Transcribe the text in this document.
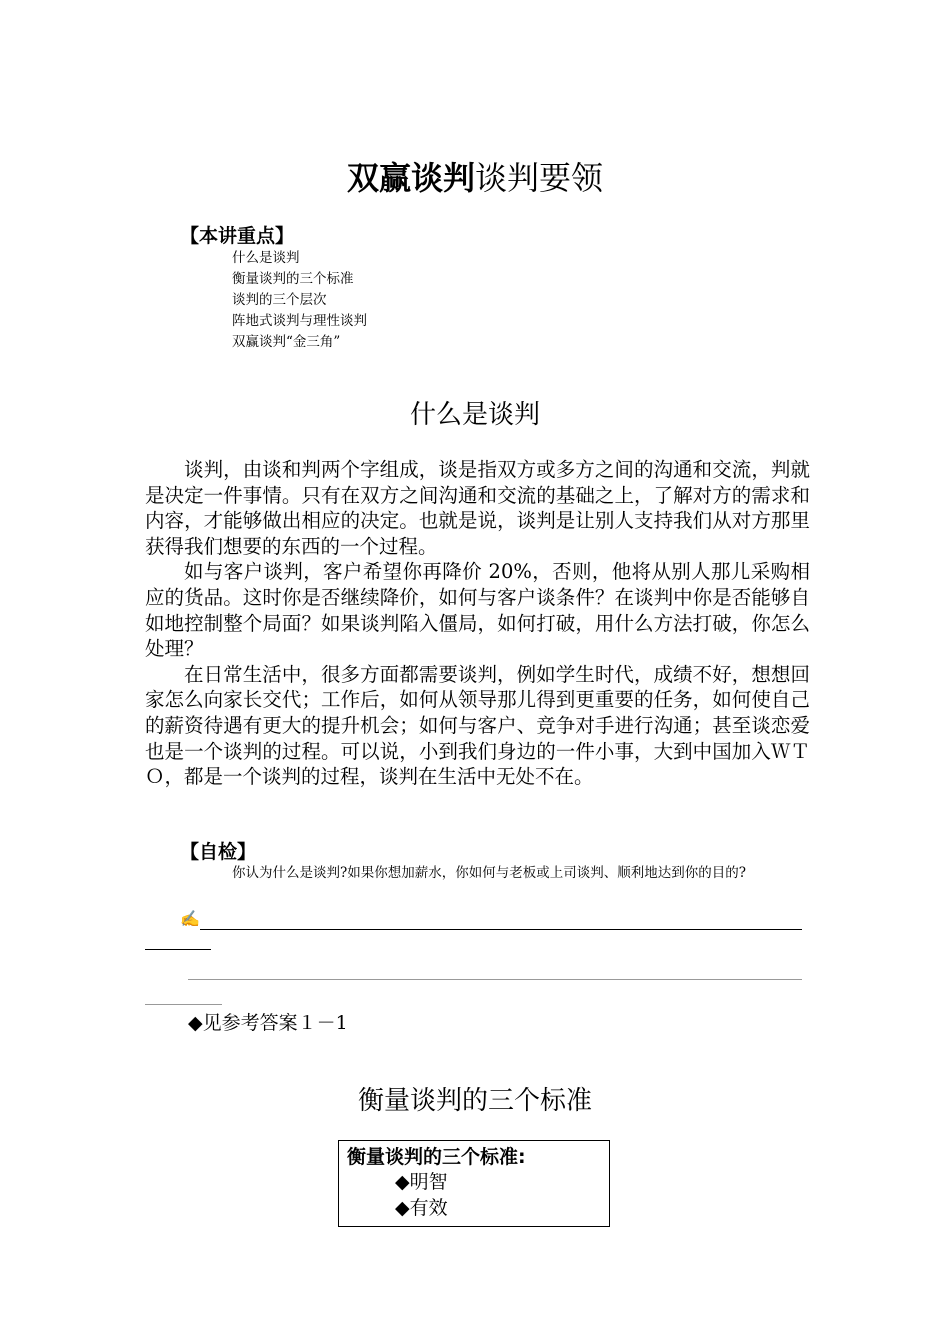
双赢谈判谈判要领
【本讲重点】
什么是谈判
衡量谈判的三个标准
谈判的三个层次
阵地式谈判与理性谈判
双赢谈判“金三角”
什么是谈判

谈判，由谈和判两个字组成，谈是指双方或多方之间的沟通和交流，判就是决定一件事情。只有在双方之间沟通和交流的基础之上，了解对方的需求和内容，才能够做出相应的决定。也就是说，谈判是让别人支持我们从对方那里获得我们想要的东西的一个过程。

如与客户谈判，客户希望你再降价 20%，否则，他将从别人那儿采购相应的货品。这时你是否继续降价，如何与客户谈条件？在谈判中你是否能够自如地控制整个局面？如果谈判陷入僵局，如何打破，用什么方法打破，你怎么处理？

在日常生活中，很多方面都需要谈判，例如学生时代，成绩不好，想想回家怎么向家长交代；工作后，如何从领导那儿得到更重要的任务，如何使自己的薪资待遇有更大的提升机会；如何与客户、竞争对手进行沟通；甚至谈恋爱也是一个谈判的过程。可以说，小到我们身边的一件小事，大到中国加入ＷＴＯ，都是一个谈判的过程，谈判在生活中无处不在。

【自检】
你认为什么是谈判?如果你想加薪水，你如何与老板或上司谈判、顺利地达到你的目的?
✍
◆见参考答案１－1
衡量谈判的三个标准
衡量谈判的三个标准:
◆明智
◆有效
